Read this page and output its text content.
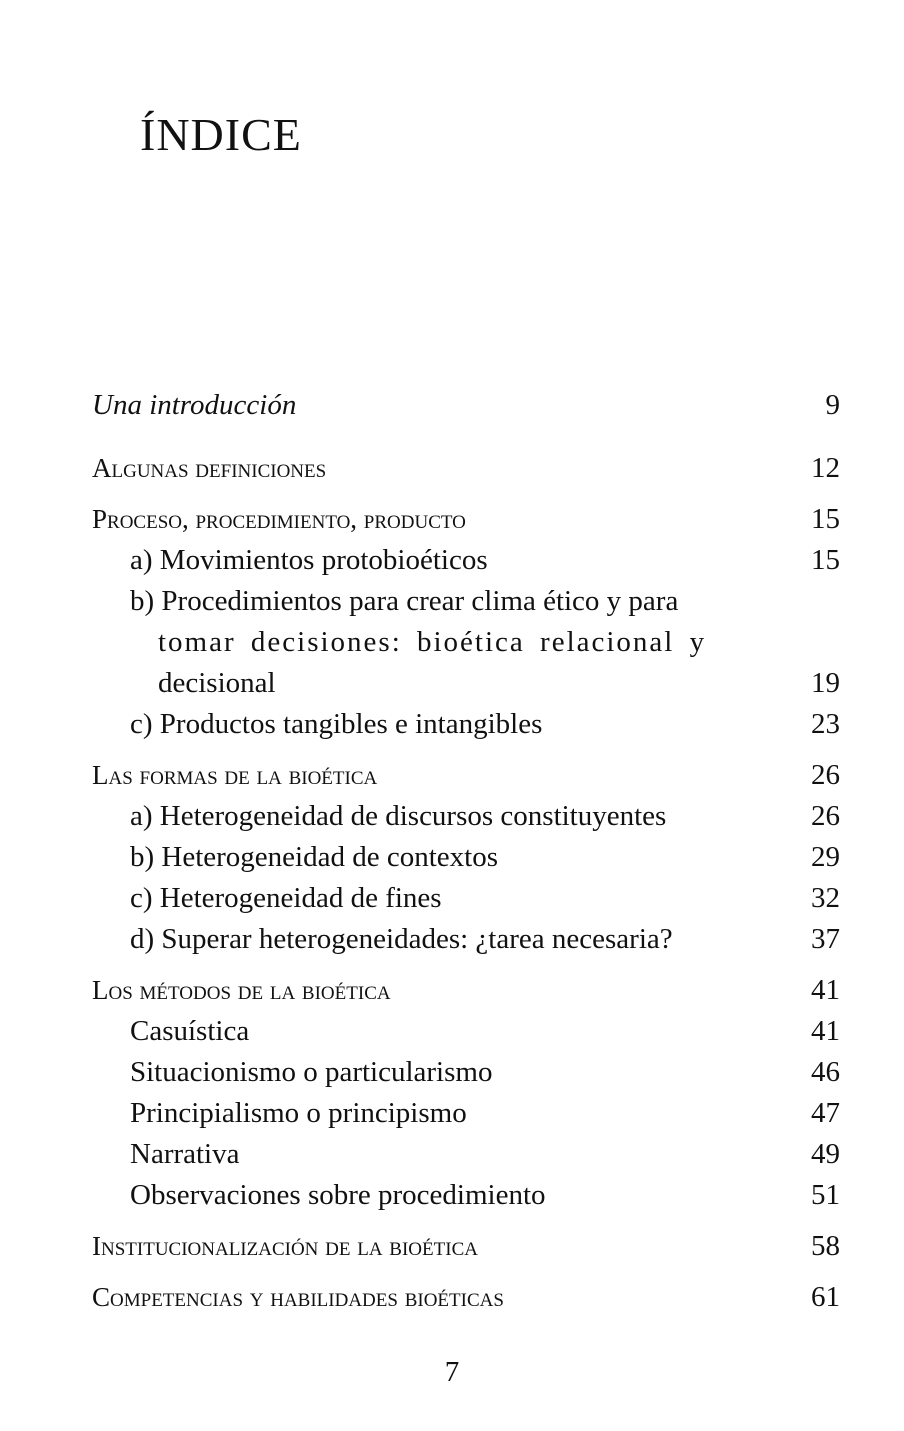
ÍNDICE
Una introducción	9
Algunas definiciones	12
Proceso, procedimiento, producto	15
a) Movimientos protobioéticos	15
b) Procedimientos para crear clima ético y para
tomar decisiones: bioética relacional y
decisional	19
c) Productos tangibles e intangibles	23
Las formas de la bioética	26
a) Heterogeneidad de discursos constituyentes	26
b) Heterogeneidad de contextos	29
c) Heterogeneidad de fines	32
d) Superar heterogeneidades: ¿tarea necesaria?	37
Los métodos de la bioética	41
Casuística	41
Situacionismo o particularismo	46
Principialismo o principismo	47
Narrativa	49
Observaciones sobre procedimiento	51
Institucionalización de la bioética	58
Competencias y habilidades bioéticas	61
7
